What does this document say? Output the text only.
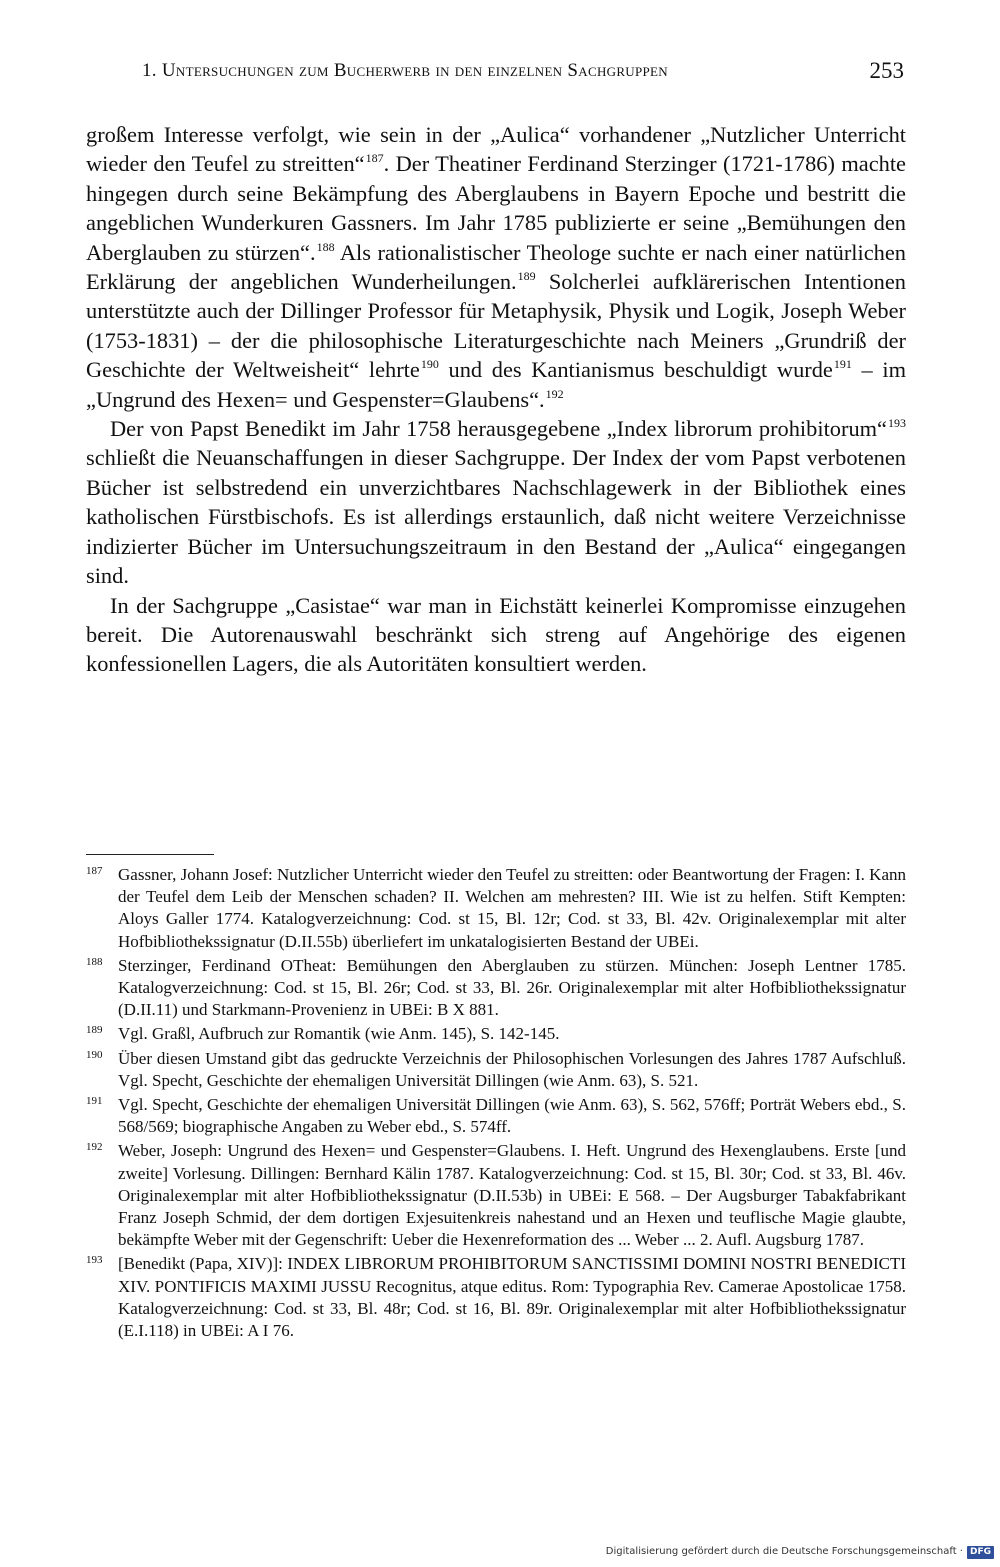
1. Untersuchungen zum Bucherwerb in den einzelnen Sachgruppen	253

großem Interesse verfolgt, wie sein in der „Aulica“ vorhandener „Nutzlicher Unterricht wieder den Teufel zu streitten“$^{187}$. Der Theatiner Ferdinand Sterzinger (1721-1786) machte hingegen durch seine Bekämpfung des Aberglaubens in Bayern Epoche und bestritt die angeblichen Wunderkuren Gassners. Im Jahr 1785 publizierte er seine „Bemühungen den Aberglauben zu stürzen“.$^{188}$ Als rationalistischer Theologe suchte er nach einer natürlichen Erklärung der angeblichen Wunderheilungen.$^{189}$ Solcherlei aufklärerischen Intentionen unterstützte auch der Dillinger Professor für Metaphysik, Physik und Logik, Joseph Weber (1753-1831) – der die philosophische Literaturgeschichte nach Meiners „Grundriß der Geschichte der Weltweisheit“ lehrte$^{190}$ und des Kantianismus beschuldigt wurde$^{191}$ – im „Ungrund des Hexen= und Gespenster=Glaubens“.$^{192}$

Der von Papst Benedikt im Jahr 1758 herausgegebene „Index librorum prohibitorum“$^{193}$ schließt die Neuanschaffungen in dieser Sachgruppe. Der Index der vom Papst verbotenen Bücher ist selbstredend ein unverzichtbares Nachschlagewerk in der Bibliothek eines katholischen Fürstbischofs. Es ist allerdings erstaunlich, daß nicht weitere Verzeichnisse indizierter Bücher im Untersuchungszeitraum in den Bestand der „Aulica“ eingegangen sind.

In der Sachgruppe „Casistae“ war man in Eichstätt keinerlei Kompromisse einzugehen bereit. Die Autorenauswahl beschränkt sich streng auf Angehörige des eigenen konfessionellen Lagers, die als Autoritäten konsultiert werden.

187 Gassner, Johann Josef: Nutzlicher Unterricht wieder den Teufel zu streitten: oder Beantwortung der Fragen: I. Kann der Teufel dem Leib der Menschen schaden? II. Welchen am mehresten? III. Wie ist zu helfen. Stift Kempten: Aloys Galler 1774. Katalogverzeichnung: Cod. st 15, Bl. 12r; Cod. st 33, Bl. 42v. Originalexemplar mit alter Hofbibliothekssignatur (D.II.55b) überliefert im unkatalogisierten Bestand der UBEi.
188 Sterzinger, Ferdinand OTheat: Bemühungen den Aberglauben zu stürzen. München: Joseph Lentner 1785. Katalogverzeichnung: Cod. st 15, Bl. 26r; Cod. st 33, Bl. 26r. Originalexemplar mit alter Hofbibliothekssignatur (D.II.11) und Starkmann-Provenienz in UBEi: B X 881.
189 Vgl. Graßl, Aufbruch zur Romantik (wie Anm. 145), S. 142-145.
190 Über diesen Umstand gibt das gedruckte Verzeichnis der Philosophischen Vorlesungen des Jahres 1787 Aufschluß. Vgl. Specht, Geschichte der ehemaligen Universität Dillingen (wie Anm. 63), S. 521.
191 Vgl. Specht, Geschichte der ehemaligen Universität Dillingen (wie Anm. 63), S. 562, 576ff; Porträt Webers ebd., S. 568/569; biographische Angaben zu Weber ebd., S. 574ff.
192 Weber, Joseph: Ungrund des Hexen= und Gespenster=Glaubens. I. Heft. Ungrund des Hexenglaubens. Erste [und zweite] Vorlesung. Dillingen: Bernhard Kälin 1787. Katalogverzeichnung: Cod. st 15, Bl. 30r; Cod. st 33, Bl. 46v. Originalexemplar mit alter Hofbibliothekssignatur (D.II.53b) in UBEi: E 568. – Der Augsburger Tabakfabrikant Franz Joseph Schmid, der dem dortigen Exjesuitenkreis nahestand und an Hexen und teuflische Magie glaubte, bekämpfte Weber mit der Gegenschrift: Ueber die Hexenreformation des ... Weber ... 2. Aufl. Augsburg 1787.
193 [Benedikt (Papa, XIV)]: INDEX LIBRORUM PROHIBITORUM SANCTISSIMI DOMINI NOSTRI BENEDICTI XIV. PONTIFICIS MAXIMI JUSSU Recognitus, atque editus. Rom: Typographia Rev. Camerae Apostolicae 1758. Katalogverzeichnung: Cod. st 33, Bl. 48r; Cod. st 16, Bl. 89r. Originalexemplar mit alter Hofbibliothekssignatur (E.I.118) in UBEi: A I 76.
Digitalisierung gefördert durch die Deutsche Forschungsgemeinschaft · DFG
